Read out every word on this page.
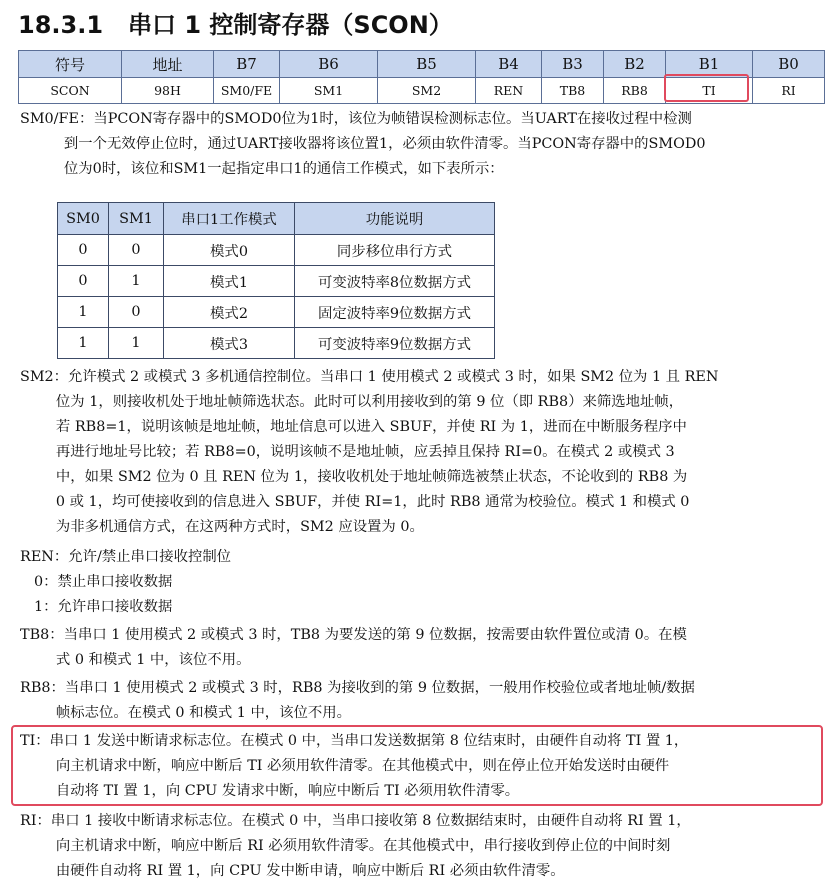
18.3.1 串口 1 控制寄存器（SCON）
符号	地址	B7	B6	B5	B4	B3	B2	B1	B0
SCON	98H	SM0/FE	SM1	SM2	REN	TB8	RB8	TI	RI
SM0/FE：当PCON寄存器中的SMOD0位为1时，该位为帧错误检测标志位。当UART在接收过程中检测
到一个无效停止位时，通过UART接收器将该位置1，必须由软件清零。当PCON寄存器中的SMOD0
位为0时，该位和SM1一起指定串口1的通信工作模式，如下表所示：
SM0	SM1	串口1工作模式	功能说明
0	0	模式0	同步移位串行方式
0	1	模式1	可变波特率8位数据方式
1	0	模式2	固定波特率9位数据方式
1	1	模式3	可变波特率9位数据方式
SM2：允许模式 2 或模式 3 多机通信控制位。当串口 1 使用模式 2 或模式 3 时，如果 SM2 位为 1 且 REN
位为 1，则接收机处于地址帧筛选状态。此时可以利用接收到的第 9 位（即 RB8）来筛选地址帧，
若 RB8=1，说明该帧是地址帧，地址信息可以进入 SBUF，并使 RI 为 1，进而在中断服务程序中
再进行地址号比较；若 RB8=0，说明该帧不是地址帧，应丢掉且保持 RI=0。在模式 2 或模式 3
中，如果 SM2 位为 0 且 REN 位为 1，接收收机处于地址帧筛选被禁止状态，不论收到的 RB8 为
0 或 1，均可使接收到的信息进入 SBUF，并使 RI=1，此时 RB8 通常为校验位。模式 1 和模式 0
为非多机通信方式，在这两种方式时，SM2 应设置为 0。
REN：允许/禁止串口接收控制位
0：禁止串口接收数据
1：允许串口接收数据
TB8：当串口 1 使用模式 2 或模式 3 时，TB8 为要发送的第 9 位数据，按需要由软件置位或清 0。在模
式 0 和模式 1 中，该位不用。
RB8：当串口 1 使用模式 2 或模式 3 时，RB8 为接收到的第 9 位数据，一般用作校验位或者地址帧/数据
帧标志位。在模式 0 和模式 1 中，该位不用。
TI：串口 1 发送中断请求标志位。在模式 0 中，当串口发送数据第 8 位结束时，由硬件自动将 TI 置 1，
向主机请求中断，响应中断后 TI 必须用软件清零。在其他模式中，则在停止位开始发送时由硬件
自动将 TI 置 1，向 CPU 发请求中断，响应中断后 TI 必须用软件清零。
RI：串口 1 接收中断请求标志位。在模式 0 中，当串口接收第 8 位数据结束时，由硬件自动将 RI 置 1，
向主机请求中断，响应中断后 RI 必须用软件清零。在其他模式中，串行接收到停止位的中间时刻
由硬件自动将 RI 置 1，向 CPU 发中断申请，响应中断后 RI 必须由软件清零。
